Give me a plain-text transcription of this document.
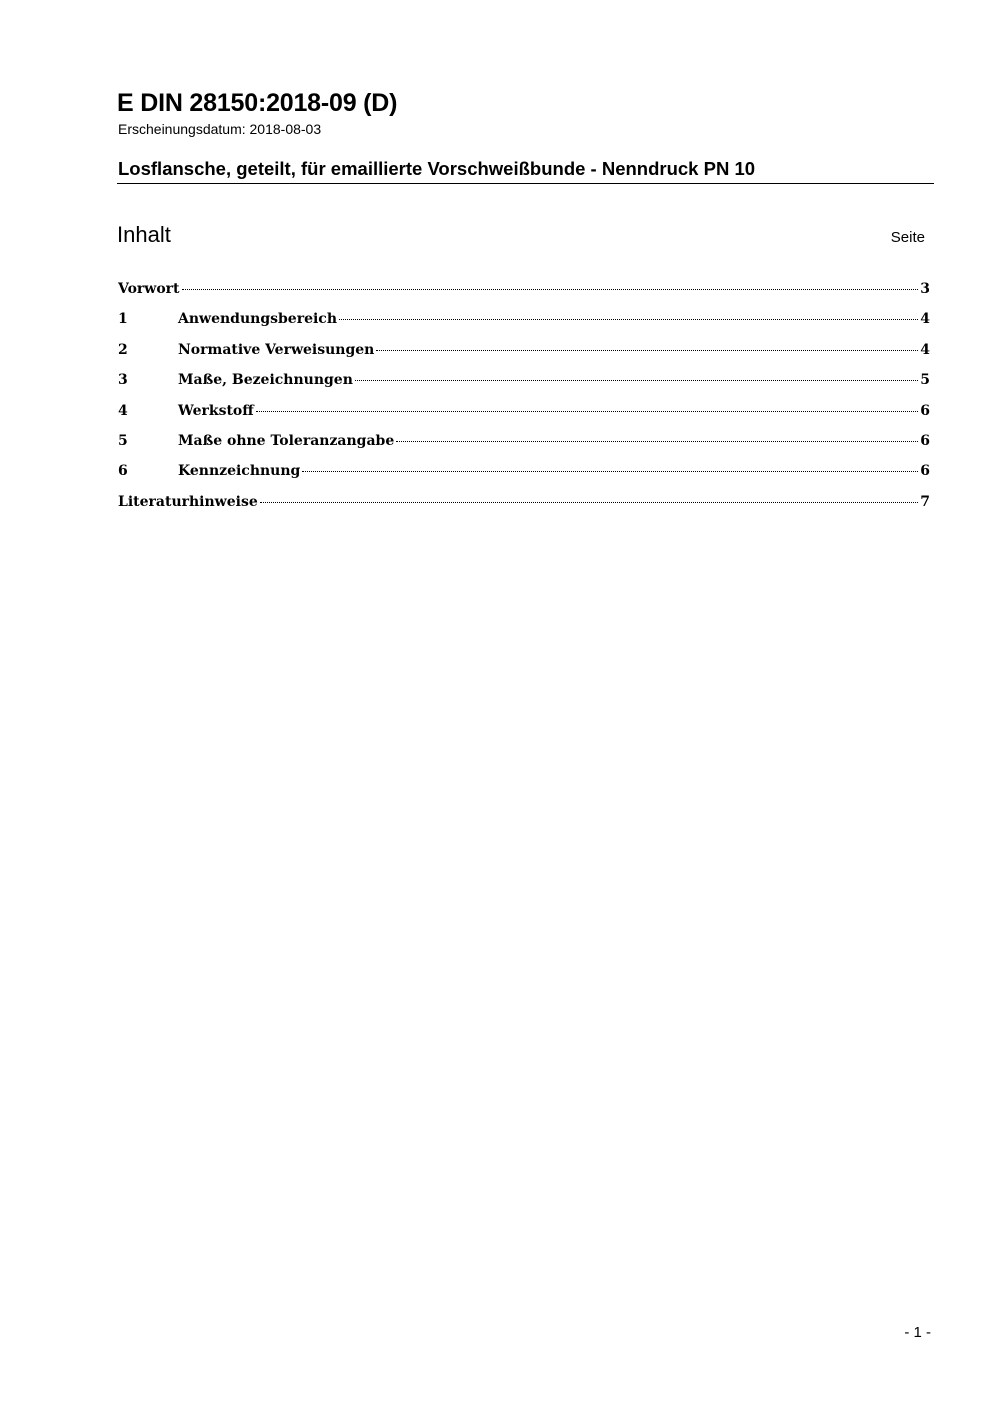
E DIN 28150:2018-09 (D)
Erscheinungsdatum: 2018-08-03
Losflansche, geteilt, für emaillierte Vorschweißbunde - Nenndruck PN 10
Inhalt	Seite
Vorwort	3
1	Anwendungsbereich	4
2	Normative Verweisungen	4
3	Maße, Bezeichnungen	5
4	Werkstoff	6
5	Maße ohne Toleranzangabe	6
6	Kennzeichnung	6
Literaturhinweise	7
- 1 -
